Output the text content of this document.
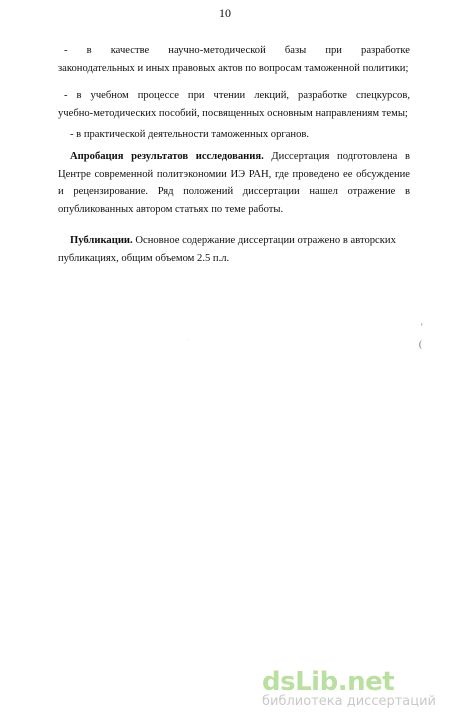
10
- в качестве научно-методической базы при разработке
законодательных и иных правовых актов по вопросам таможенной политики;
- в учебном процессе при чтении лекций, разработке спецкурсов,
учебно-методических пособий, посвященных основным направлениям темы;
- в практической деятельности таможенных органов.
Апробация результатов исследования. Диссертация подготовлена в
Центре современной политэкономии ИЭ РАН, где проведено ее обсуждение
и рецензирование. Ряд положений диссертации нашел отражение в
опубликованных автором статьях по теме работы.
Публикации. Основное содержание диссертации отражено в авторских
публикациях, общим объемом 2.5 п.л.
'
(
.
dsLib.net
библиотека диссертаций
